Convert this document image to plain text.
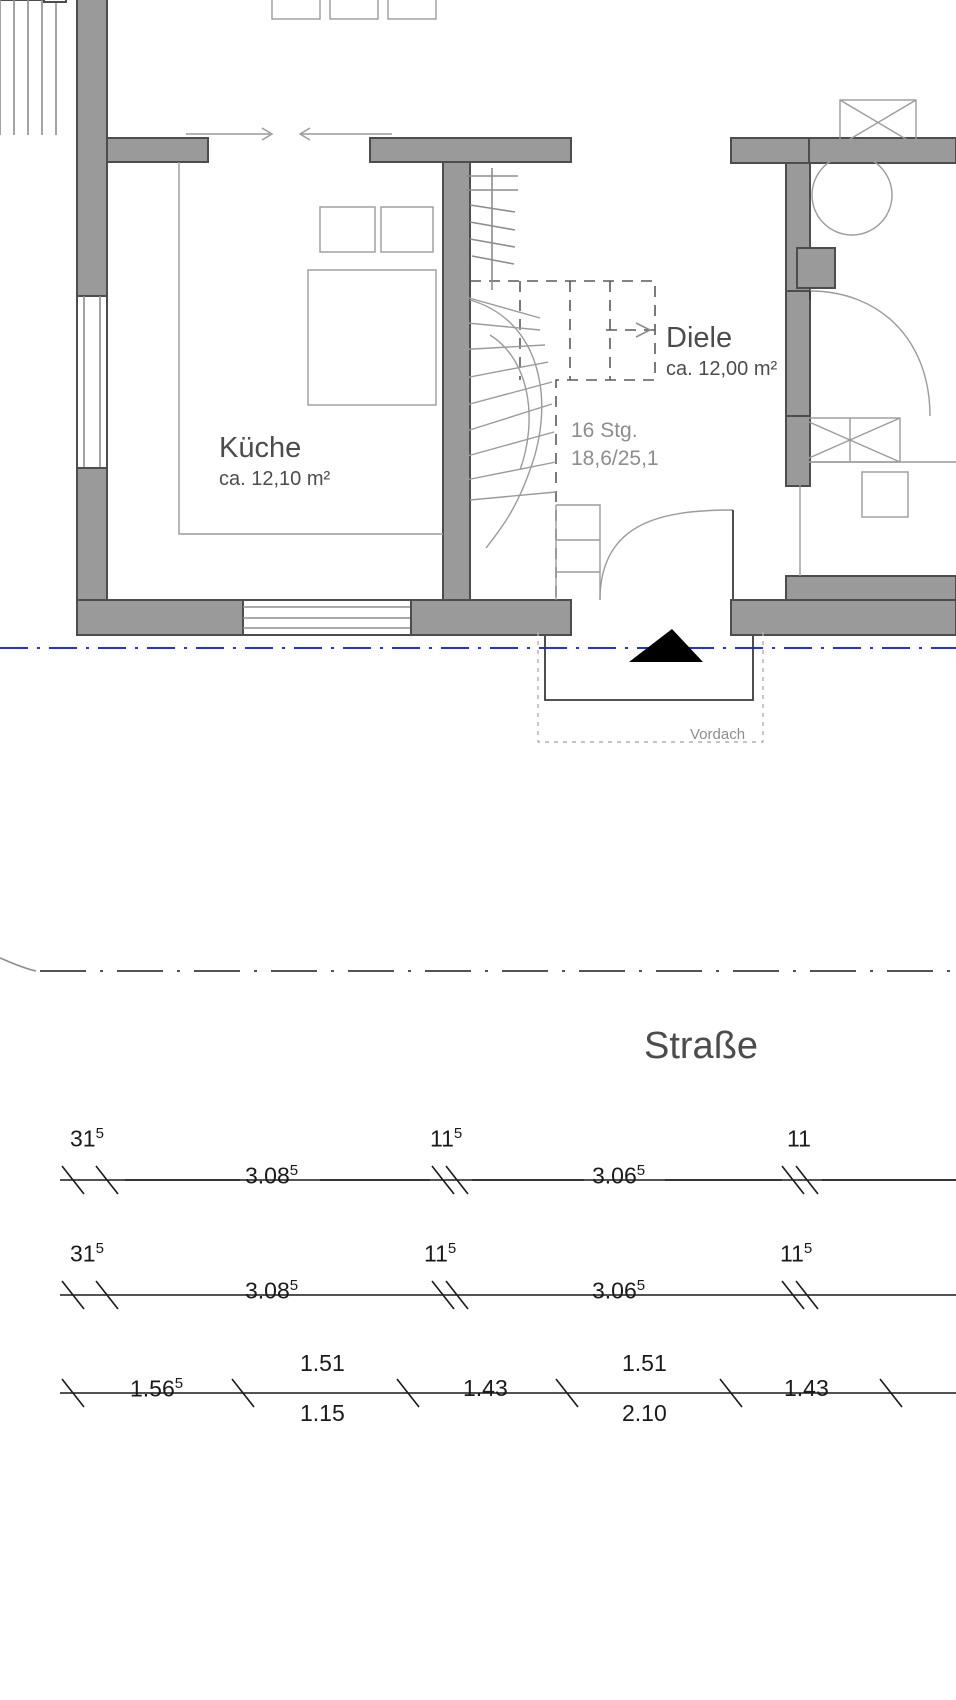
Küche
ca. 12,10 m²
Diele
ca. 12,00 m²
16 Stg.
18,6/25,1
Vordach
Straße
$31^5$	$11^5$	11
3.08$^5$	3.06$^5$
$31^5$	$11^5$	$11^5$
3.08$^5$	3.06$^5$
1.56$^5$
1.51
1.15
1.43
1.51
2.10
1.43
